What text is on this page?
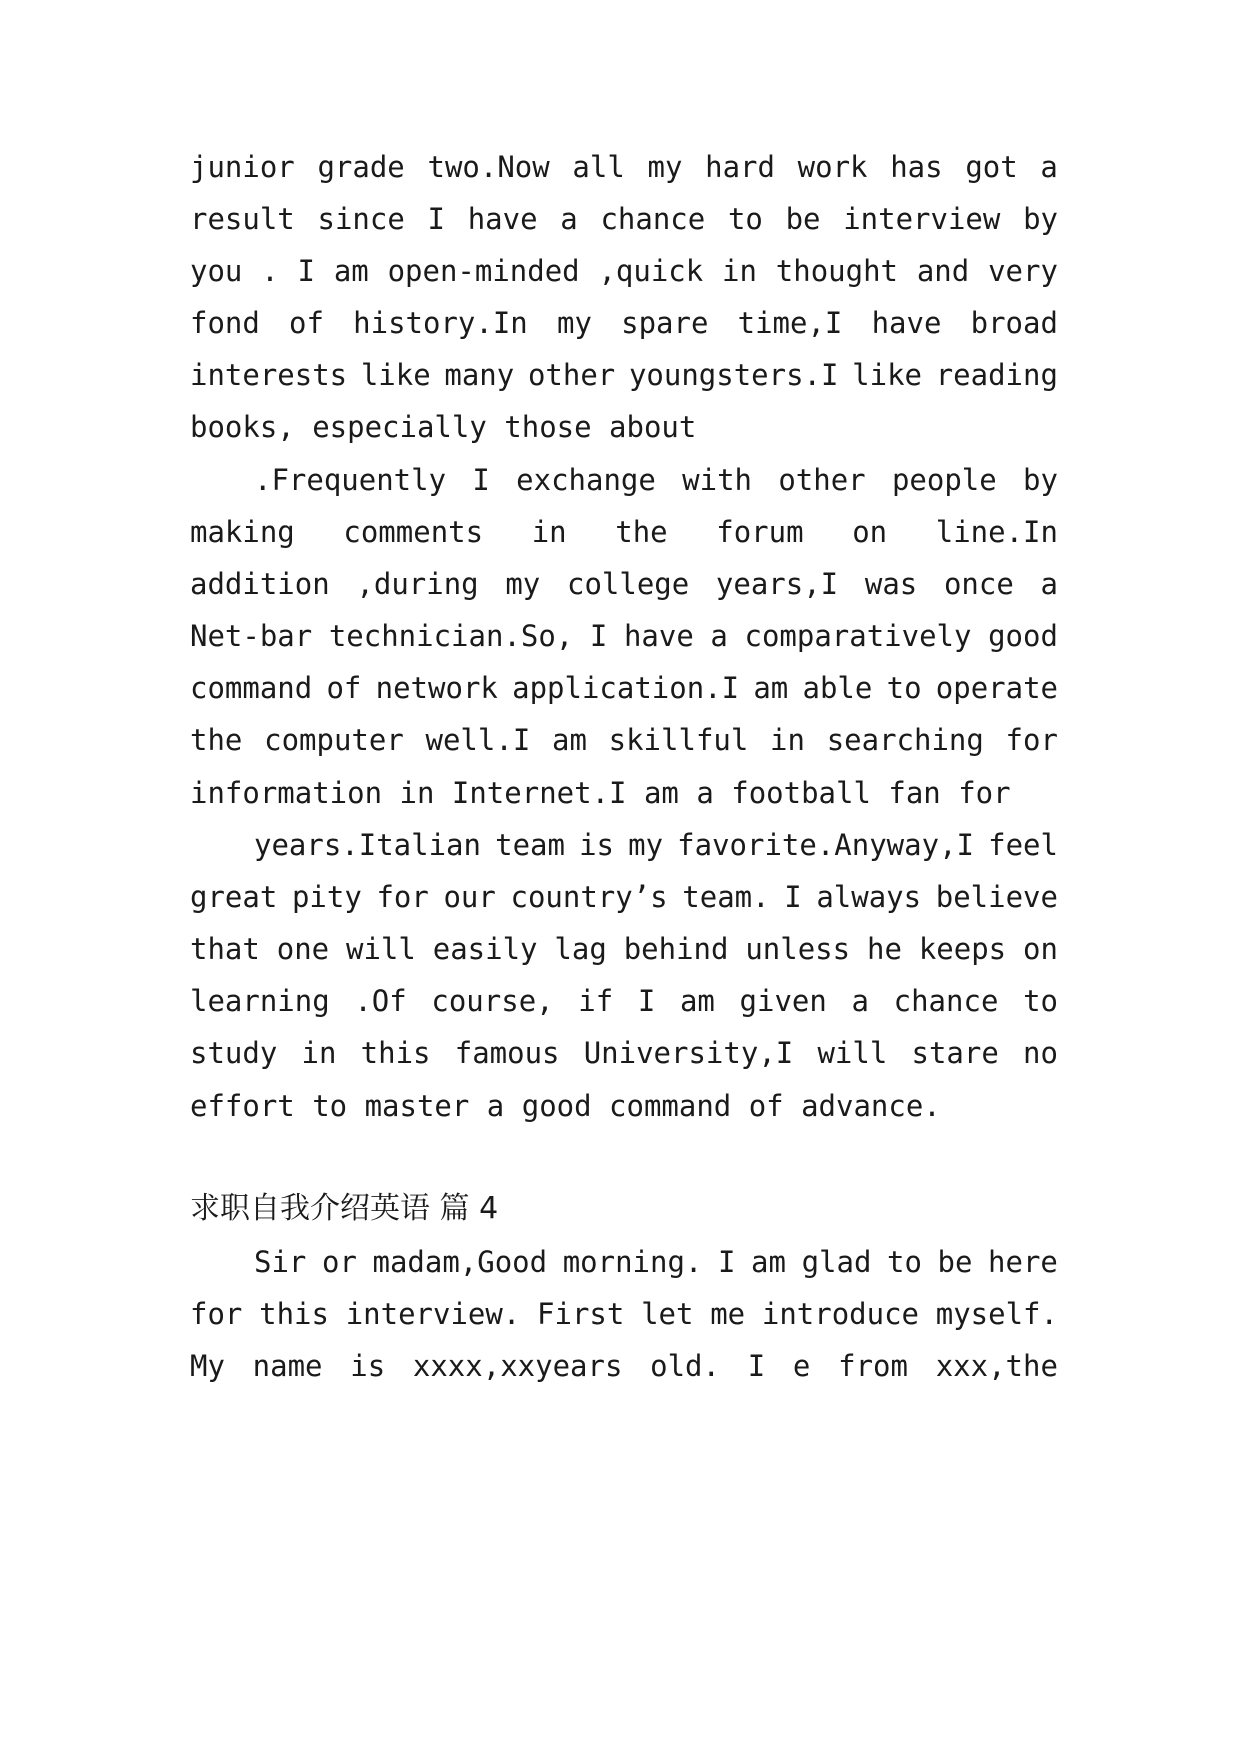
junior grade two.Now all my hard work has got a
result since I have a chance to be interview by
you . I am open-minded ,quick in thought and very
fond of history.In my spare time,I have broad
interests like many other youngsters.I like reading
books, especially those about
.Frequently I exchange with other people by
making comments in the forum on line.In
addition ,during my college years,I was once a
Net-bar technician.So, I have a comparatively good
command of network application.I am able to operate
the computer well.I am skillful in searching for
information in Internet.I am a football fan for
years.Italian team is my favorite.Anyway,I feel
great pity for our country’s team. I always believe
that one will easily lag behind unless he keeps on
learning .Of course, if I am given a chance to
study in this famous University,I will stare no
effort to master a good command of advance.
求职自我介绍英语 篇 4
Sir or madam,Good morning. I am glad to be here
for this interview. First let me introduce myself.
My name is xxxx,xxyears old. I e from xxx,the
